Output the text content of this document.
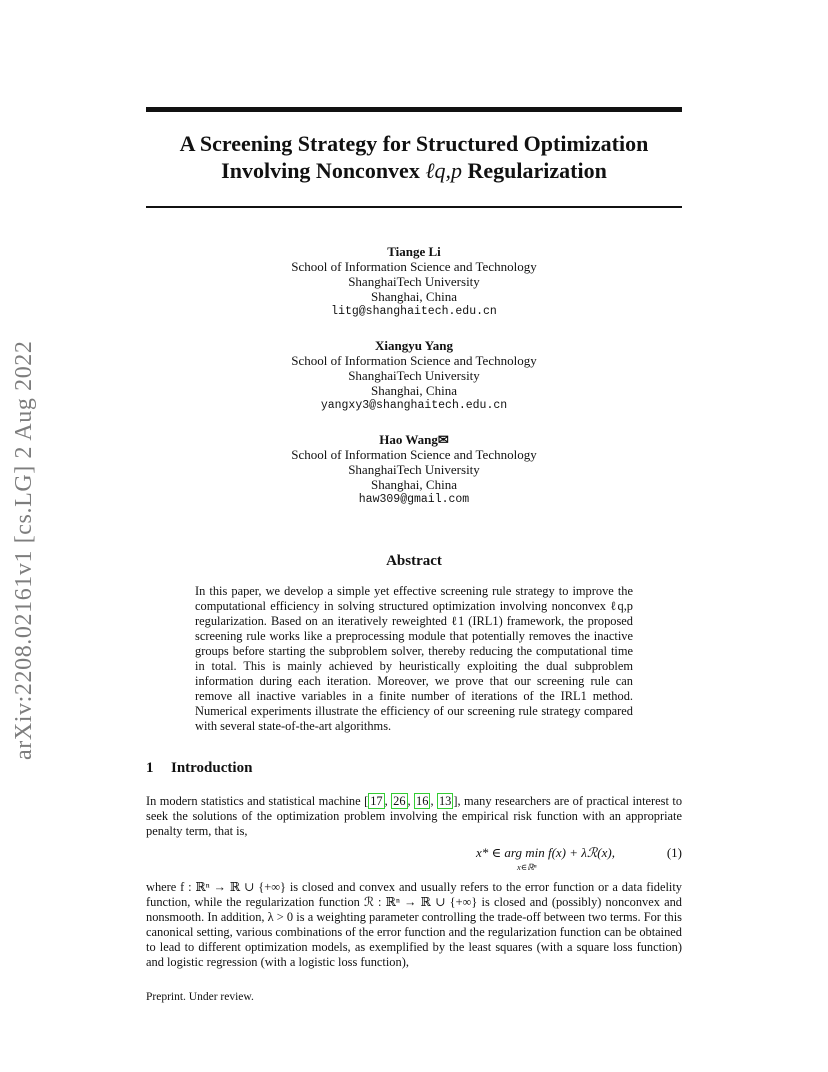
arXiv:2208.02161v1 [cs.LG] 2 Aug 2022
A Screening Strategy for Structured Optimization
Involving Nonconvex ℓq,p Regularization
Tiange Li
School of Information Science and Technology
ShanghaiTech University
Shanghai, China
litg@shanghaitech.edu.cn
Xiangyu Yang
School of Information Science and Technology
ShanghaiTech University
Shanghai, China
yangxy3@shanghaitech.edu.cn
Hao Wang✉
School of Information Science and Technology
ShanghaiTech University
Shanghai, China
haw309@gmail.com
Abstract
In this paper, we develop a simple yet effective screening rule strategy to improve the computational efficiency in solving structured optimization involving nonconvex ℓq,p regularization. Based on an iteratively reweighted ℓ1 (IRL1) framework, the proposed screening rule works like a preprocessing module that potentially removes the inactive groups before starting the subproblem solver, thereby reducing the computational time in total. This is mainly achieved by heuristically exploiting the dual subproblem information during each iteration. Moreover, we prove that our screening rule can remove all inactive variables in a finite number of iterations of the IRL1 method. Numerical experiments illustrate the efficiency of our screening rule strategy compared with several state-of-the-art algorithms.
1 Introduction
In modern statistics and statistical machine [ 17 , 26 , 16 , 13 ], many researchers are of practical interest to seek the solutions of the optimization problem involving the empirical risk function with an appropriate penalty term, that is,
x* ∈ arg min f(x) + λℛ(x),
x∈ℝⁿ
(1)
where f : ℝⁿ → ℝ ∪ {+∞} is closed and convex and usually refers to the error function or a data fidelity function, while the regularization function ℛ : ℝⁿ → ℝ ∪ {+∞} is closed and (possibly) nonconvex and nonsmooth. In addition, λ > 0 is a weighting parameter controlling the trade-off between two terms. For this canonical setting, various combinations of the error function and the regularization function can be obtained to lead to different optimization models, as exemplified by the least squares (with a square loss function) and logistic regression (with a logistic loss function),
Preprint. Under review.
